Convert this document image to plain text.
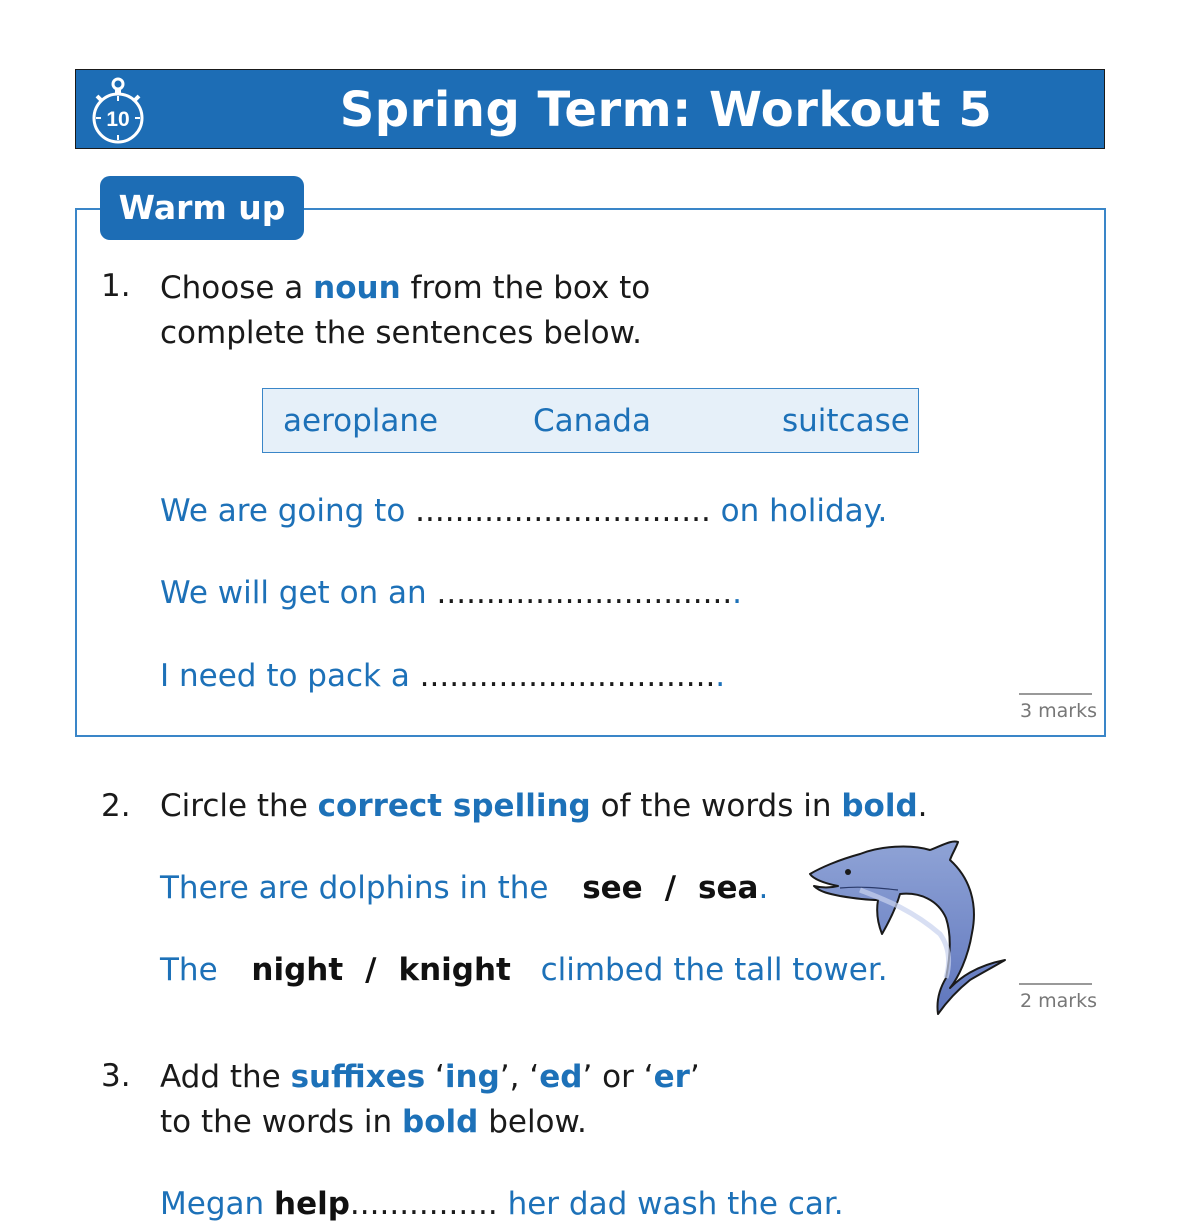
10	Spring Term: Workout 5
Warm up
1. Choose a noun from the box to
complete the sentences below.
aeroplane	Canada	suitcase
We are going to .............................. on holiday.
We will get on an ...............................
I need to pack a ...............................
3 marks
2. Circle the correct spelling of the words in bold.
There are dolphins in the see / sea.
The night / knight climbed the tall tower.
2 marks
3. Add the suffixes ‘ing’, ‘ed’ or ‘er’
to the words in bold below.
Megan help............... her dad wash the car.
